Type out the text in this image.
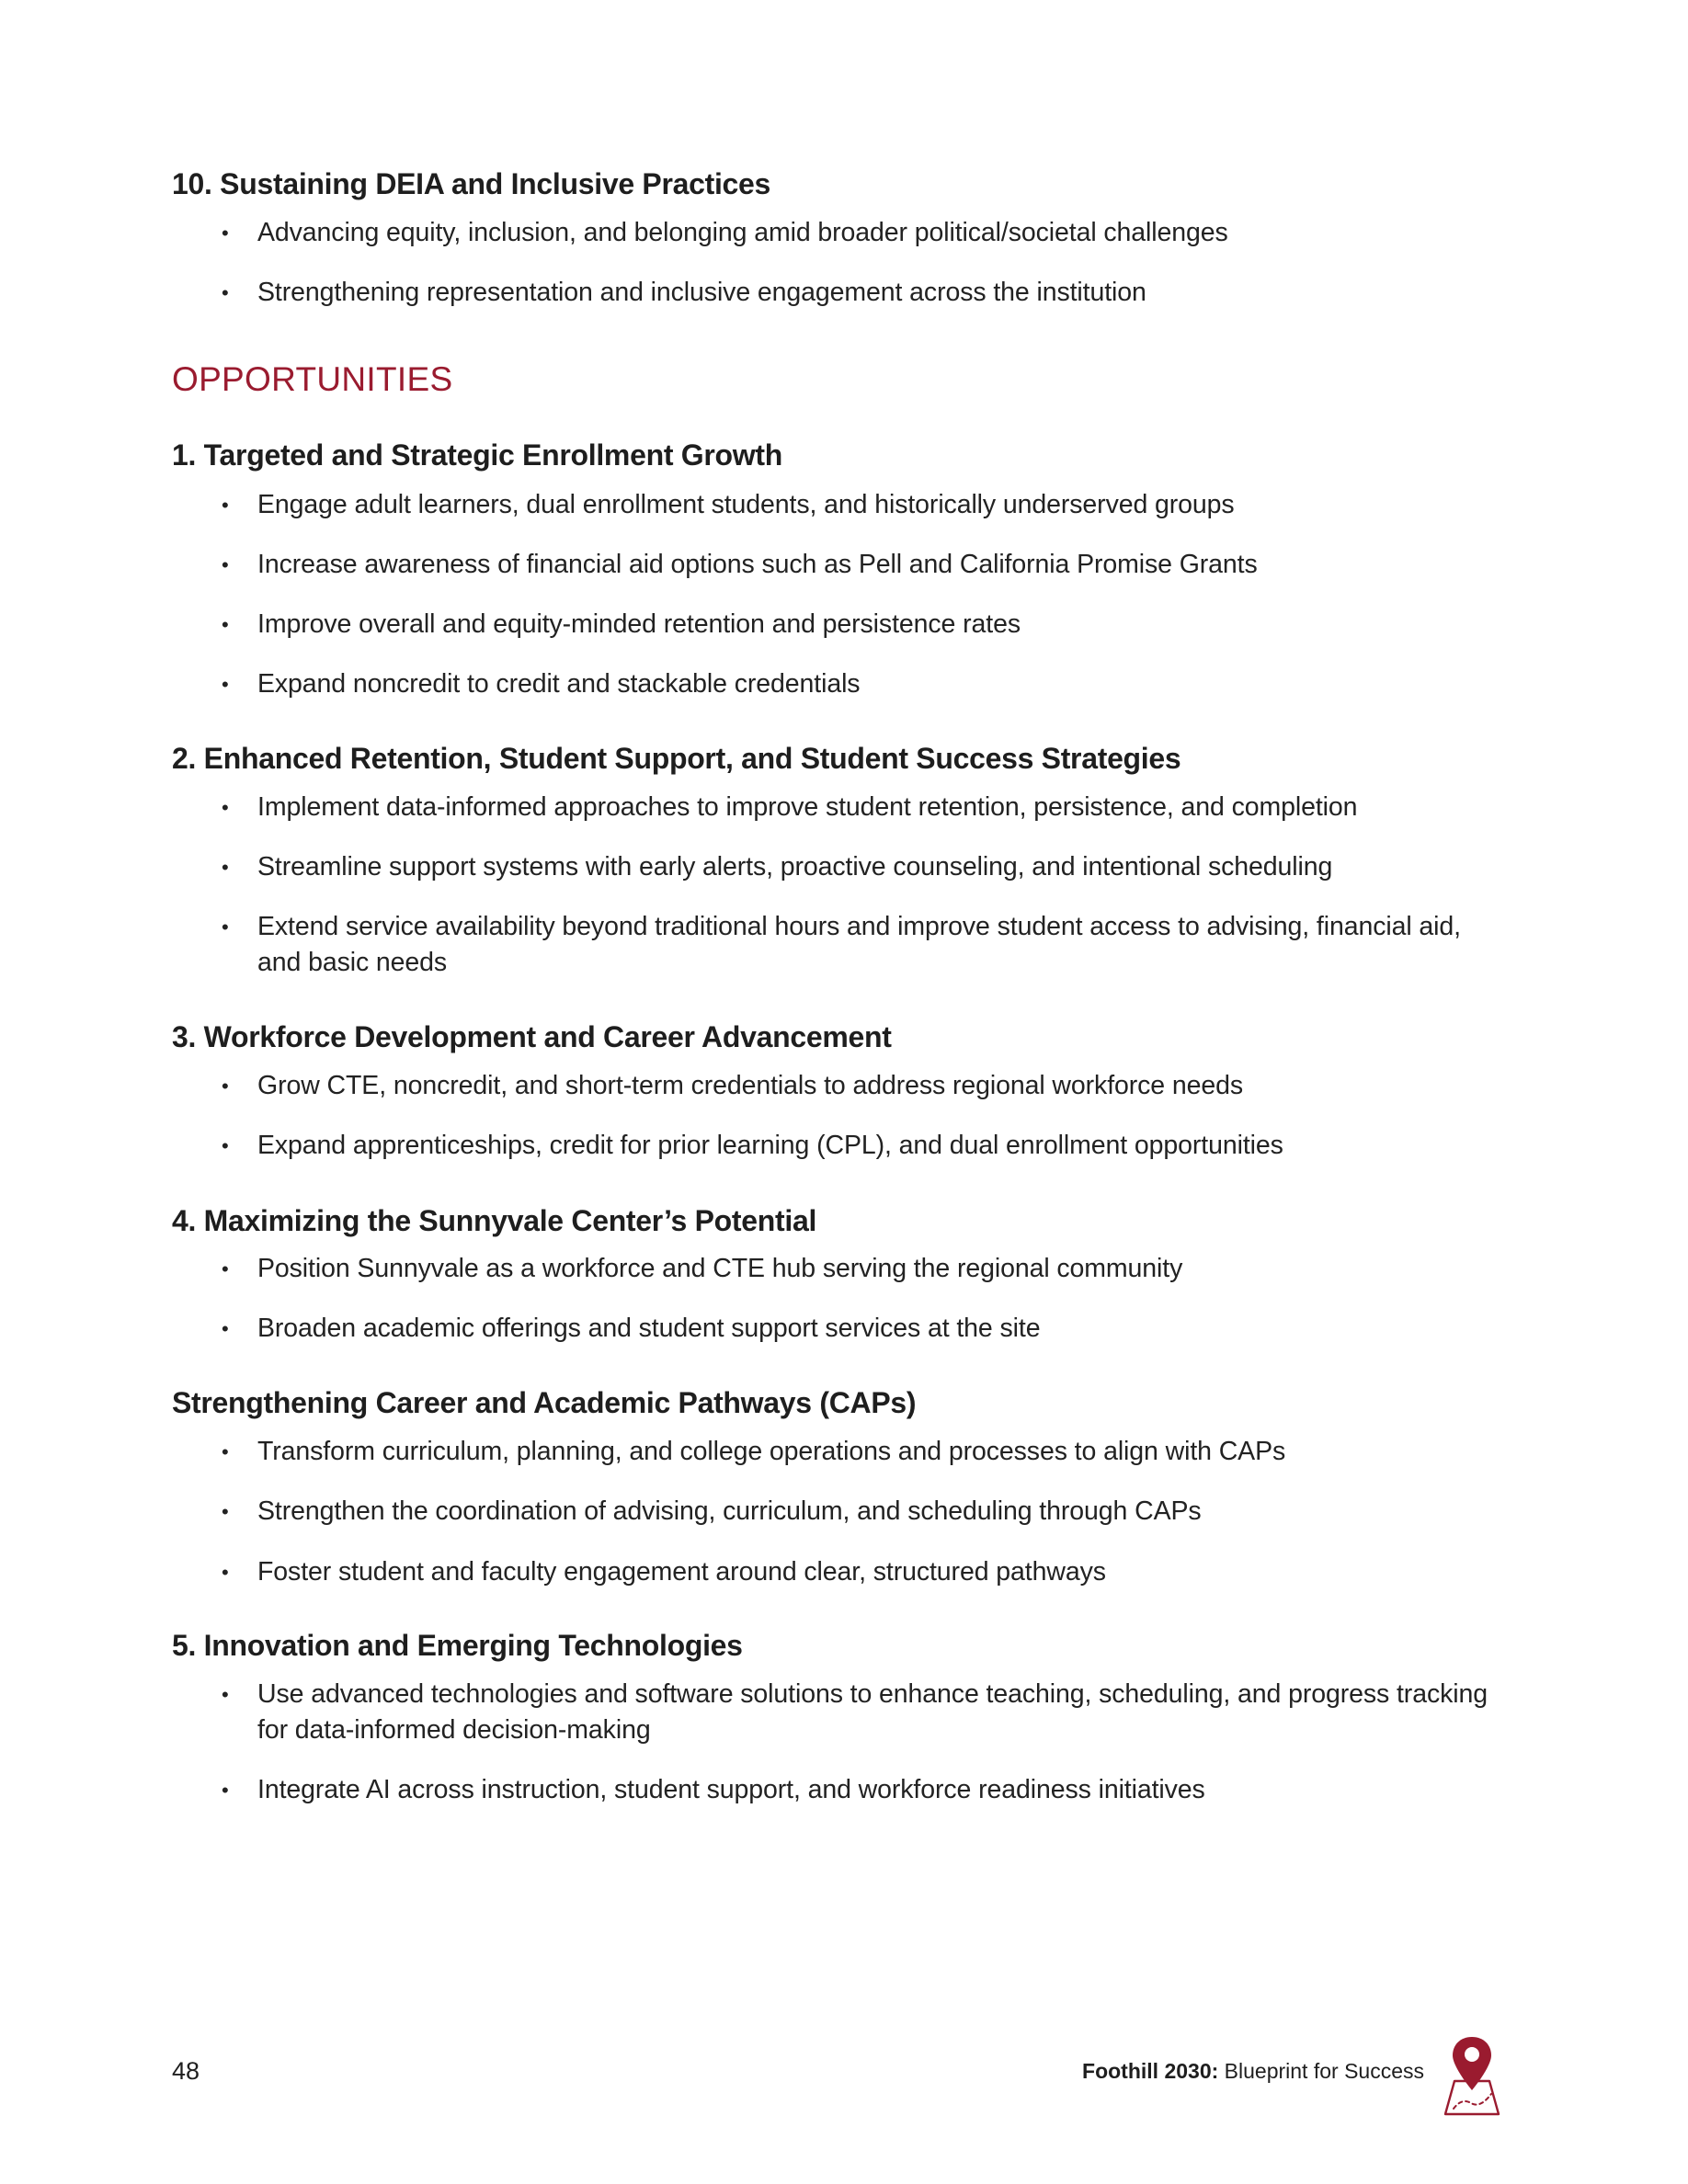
10. Sustaining DEIA and Inclusive Practices
• Advancing equity, inclusion, and belonging amid broader political/societal challenges
• Strengthening representation and inclusive engagement across the institution
OPPORTUNITIES
1. Targeted and Strategic Enrollment Growth
• Engage adult learners, dual enrollment students, and historically underserved groups
• Increase awareness of financial aid options such as Pell and California Promise Grants
• Improve overall and equity-minded retention and persistence rates
• Expand noncredit to credit and stackable credentials
2. Enhanced Retention, Student Support, and Student Success Strategies
• Implement data-informed approaches to improve student retention, persistence, and completion
• Streamline support systems with early alerts, proactive counseling, and intentional scheduling
• Extend service availability beyond traditional hours and improve student access to advising, financial aid, and basic needs
3. Workforce Development and Career Advancement
• Grow CTE, noncredit, and short-term credentials to address regional workforce needs
• Expand apprenticeships, credit for prior learning (CPL), and dual enrollment opportunities
4. Maximizing the Sunnyvale Center’s Potential
• Position Sunnyvale as a workforce and CTE hub serving the regional community
• Broaden academic offerings and student support services at the site
Strengthening Career and Academic Pathways (CAPs)
• Transform curriculum, planning, and college operations and processes to align with CAPs
• Strengthen the coordination of advising, curriculum, and scheduling through CAPs
• Foster student and faculty engagement around clear, structured pathways
5. Innovation and Emerging Technologies
• Use advanced technologies and software solutions to enhance teaching, scheduling, and progress tracking for data-informed decision-making
• Integrate AI across instruction, student support, and workforce readiness initiatives
48	Foothill 2030: Blueprint for Success
